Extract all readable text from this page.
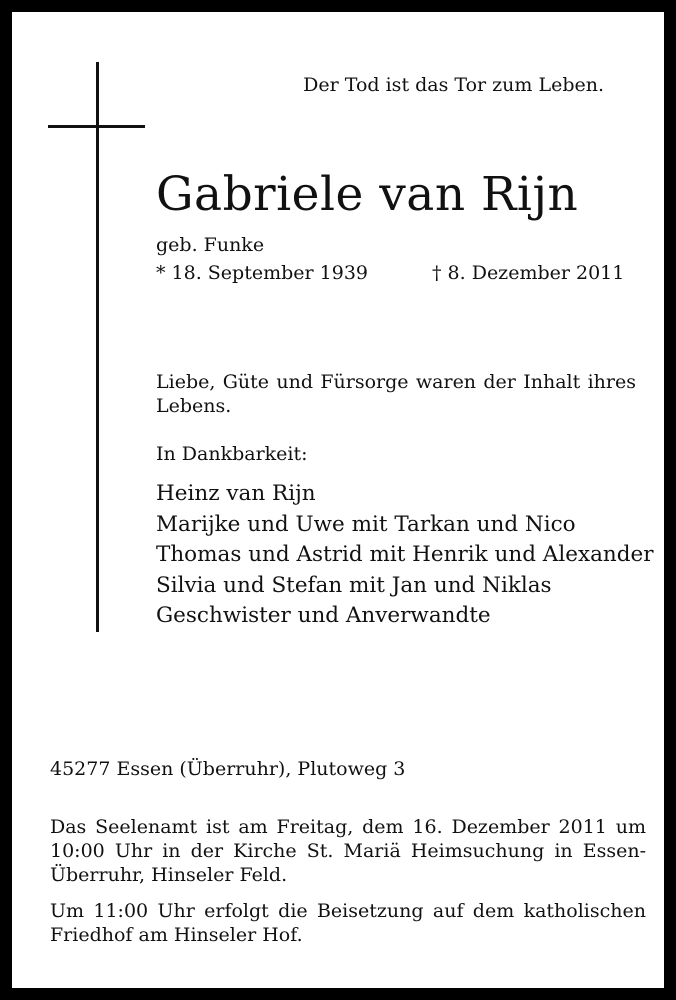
Der Tod ist das Tor zum Leben.

Gabriele van Rijn

geb. Funke

* 18. September 1939	† 8. Dezember 2011

Liebe, Güte und Fürsorge waren der Inhalt ihres Lebens.

In Dankbarkeit:

Heinz van Rijn
Marijke und Uwe mit Tarkan und Nico
Thomas und Astrid mit Henrik und Alexander
Silvia und Stefan mit Jan und Niklas
Geschwister und Anverwandte

45277 Essen (Überruhr), Plutoweg 3

Das Seelenamt ist am Freitag, dem 16. Dezember 2011 um 10:00 Uhr in der Kirche St. Mariä Heimsuchung in Essen-Überruhr, Hinseler Feld.

Um 11:00 Uhr erfolgt die Beisetzung auf dem katholischen Friedhof am Hinseler Hof.
